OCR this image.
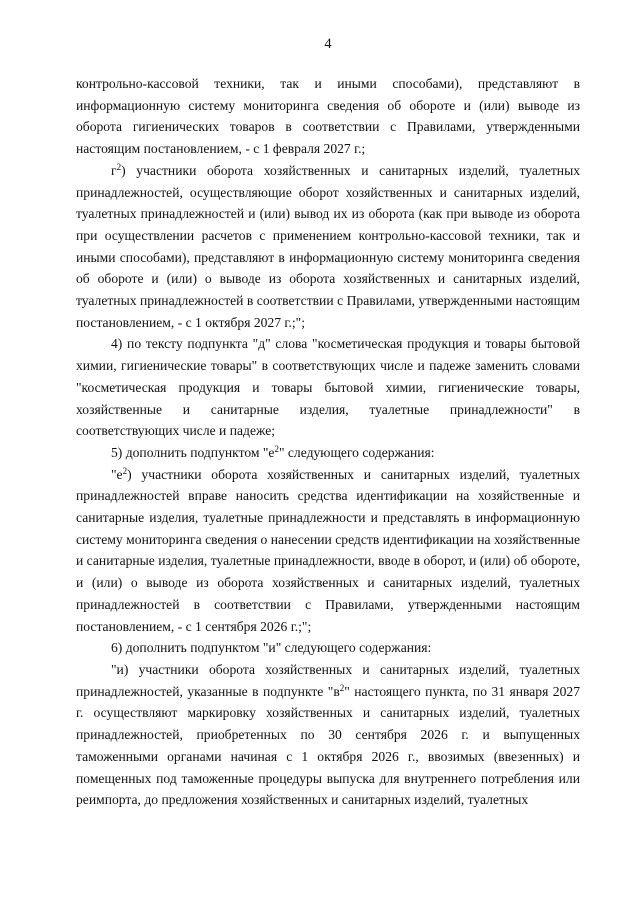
4

контрольно-кассовой техники, так и иными способами), представляют в информационную систему мониторинга сведения об обороте и (или) выводе из оборота гигиенических товаров в соответствии с Правилами, утвержденными настоящим постановлением, - с 1 февраля 2027 г.;

$г^2$) участники оборота хозяйственных и санитарных изделий, туалетных принадлежностей, осуществляющие оборот хозяйственных и санитарных изделий, туалетных принадлежностей и (или) вывод их из оборота (как при выводе из оборота при осуществлении расчетов с применением контрольно-кассовой техники, так и иными способами), представляют в информационную систему мониторинга сведения об обороте и (или) о выводе из оборота хозяйственных и санитарных изделий, туалетных принадлежностей в соответствии с Правилами, утвержденными настоящим постановлением, - с 1 октября 2027 г.;";

4) по тексту подпункта "д" слова "косметическая продукция и товары бытовой химии, гигиенические товары" в соответствующих числе и падеже заменить словами "косметическая продукция и товары бытовой химии, гигиенические товары, хозяйственные и санитарные изделия, туалетные принадлежности" в соответствующих числе и падеже;

5) дополнить подпунктом "$е^2$" следующего содержания:

"$е^2$) участники оборота хозяйственных и санитарных изделий, туалетных принадлежностей вправе наносить средства идентификации на хозяйственные и санитарные изделия, туалетные принадлежности и представлять в информационную систему мониторинга сведения о нанесении средств идентификации на хозяйственные и санитарные изделия, туалетные принадлежности, вводе в оборот, и (или) об обороте, и (или) о выводе из оборота хозяйственных и санитарных изделий, туалетных принадлежностей в соответствии с Правилами, утвержденными настоящим постановлением, - с 1 сентября 2026 г.;";

6) дополнить подпунктом "и" следующего содержания:

"и) участники оборота хозяйственных и санитарных изделий, туалетных принадлежностей, указанные в подпункте "$в^2$" настоящего пункта, по 31 января 2027 г. осуществляют маркировку хозяйственных и санитарных изделий, туалетных принадлежностей, приобретенных по 30 сентября 2026 г. и выпущенных таможенными органами начиная с 1 октября 2026 г., ввозимых (ввезенных) и помещенных под таможенные процедуры выпуска для внутреннего потребления или реимпорта, до предложения хозяйственных и санитарных изделий, туалетных
